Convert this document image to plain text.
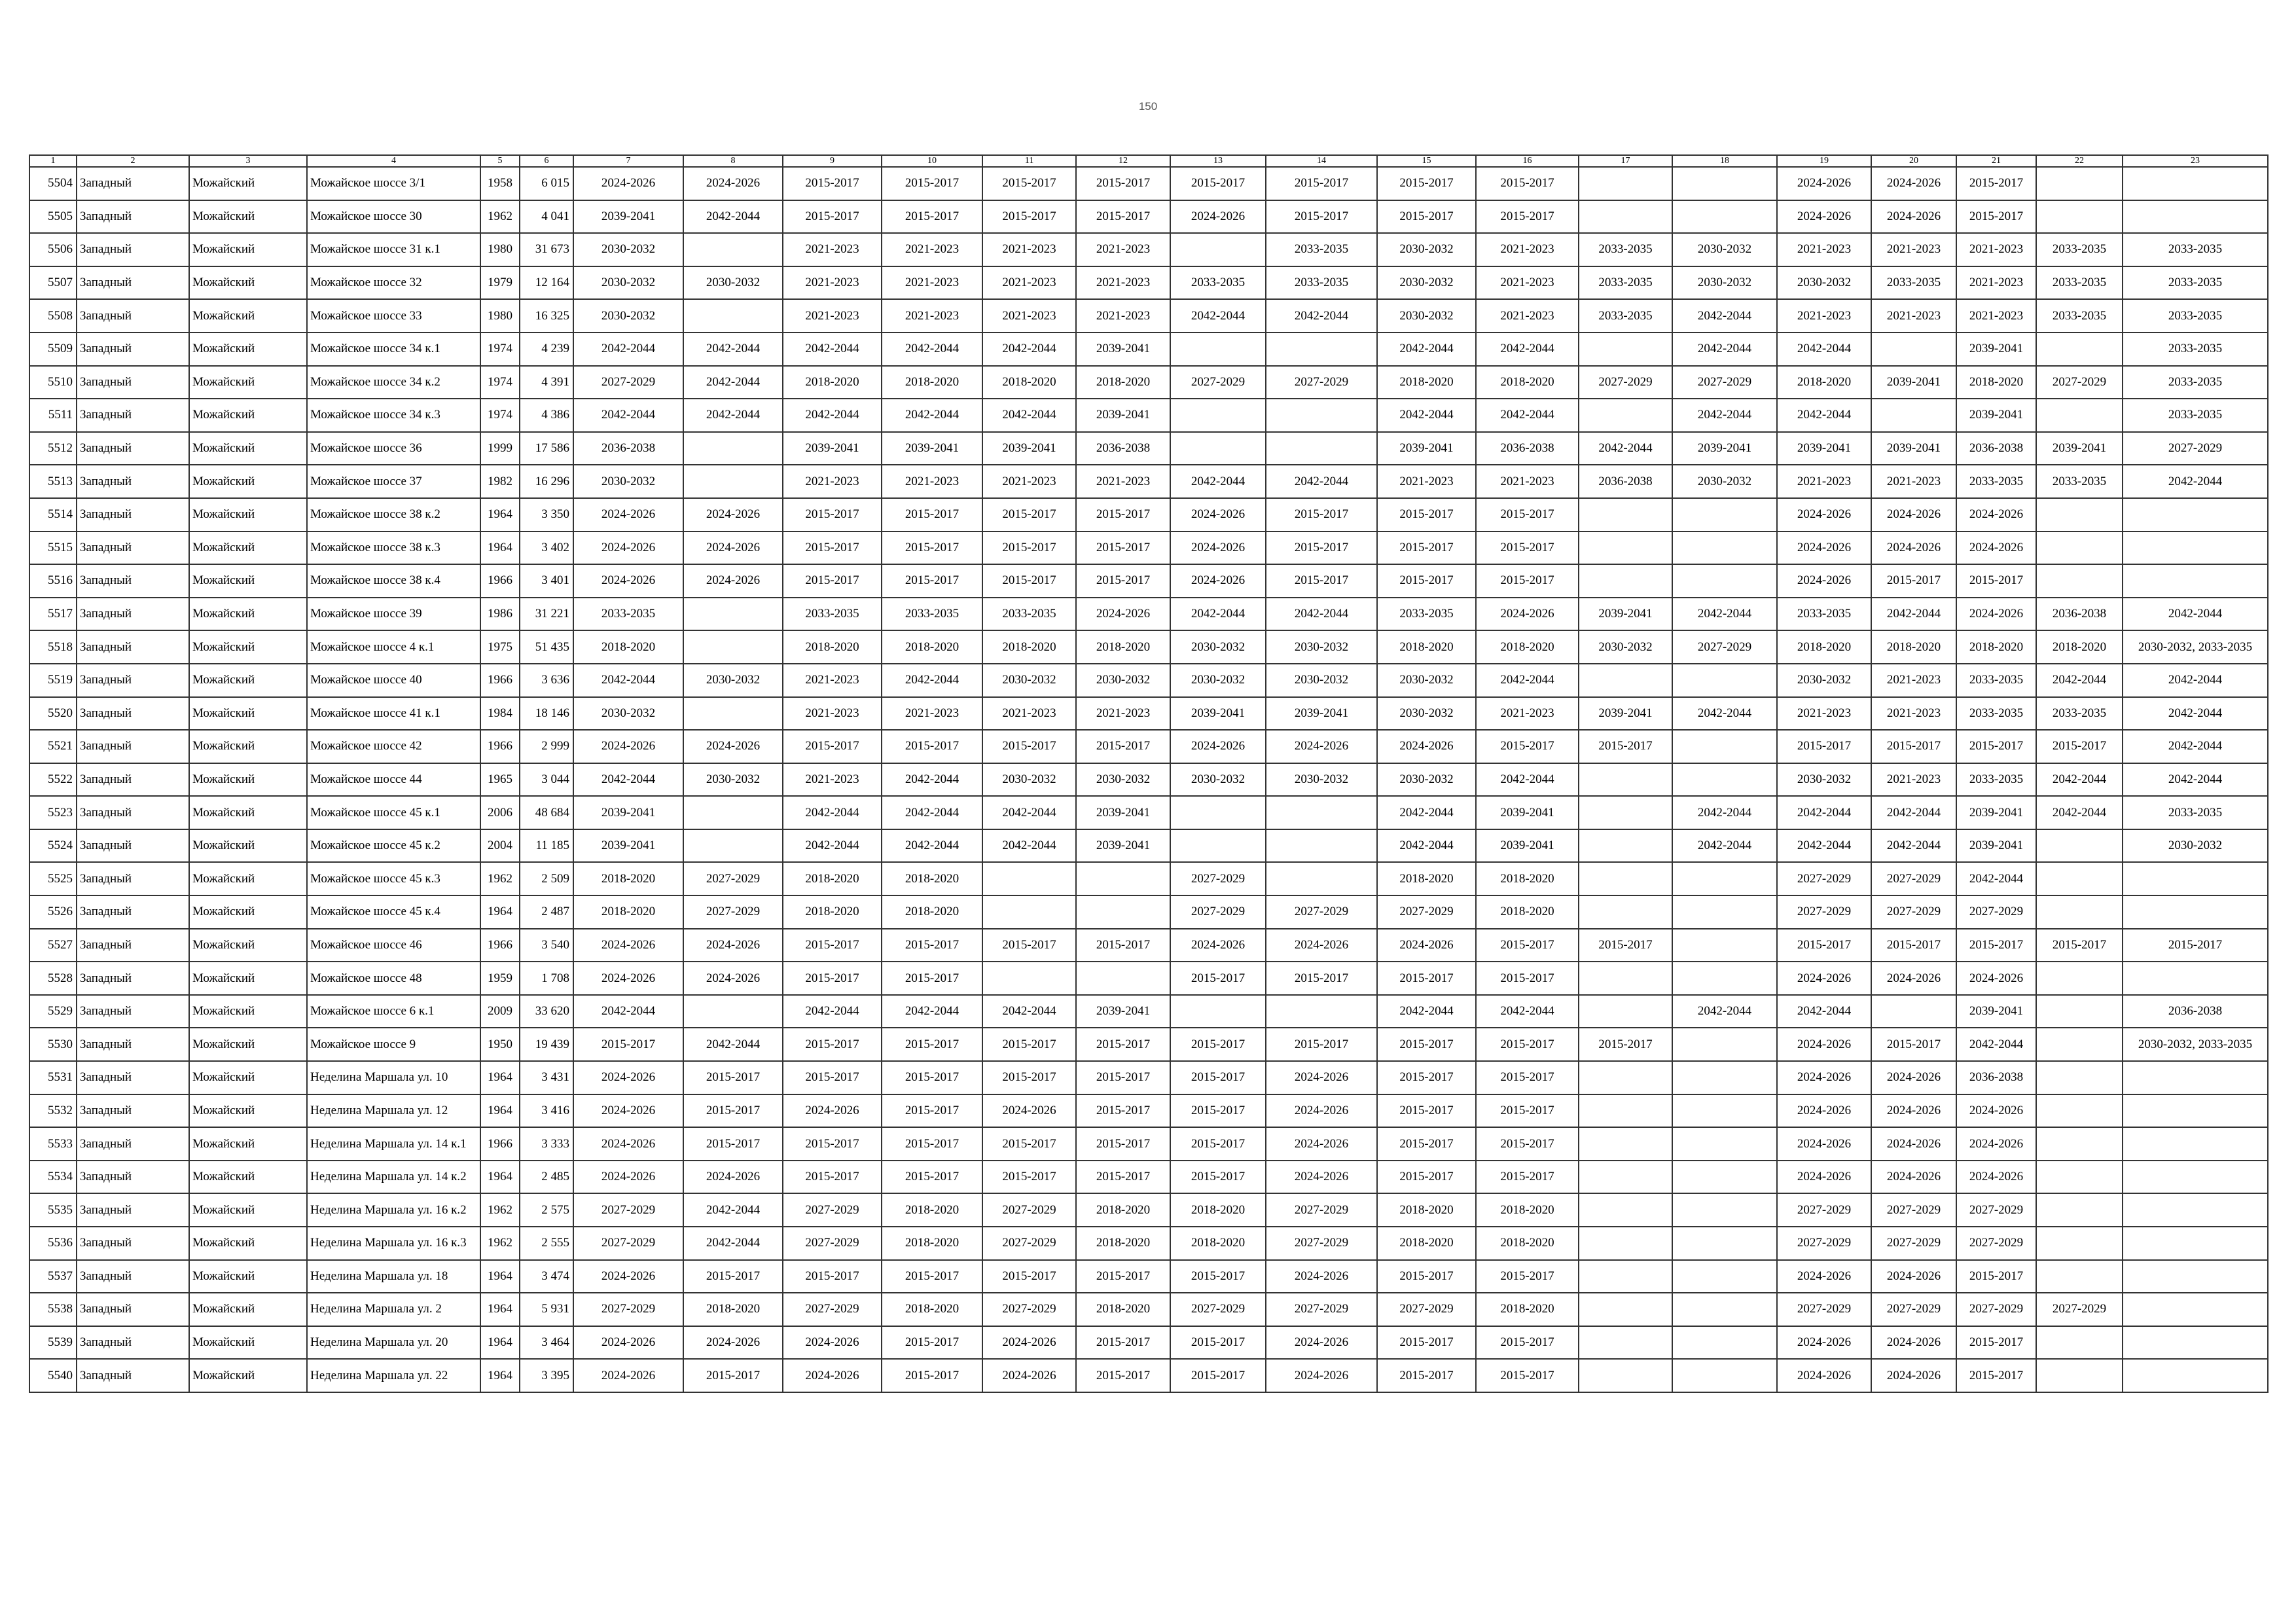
150
1	2	3	4	5	6	7	8	9	10	11	12	13	14	15	16	17	18	19	20	21	22	23
5504	Западный	Можайский	Можайское шоссе 3/1	1958	6 015	2024-2026	2024-2026	2015-2017	2015-2017	2015-2017	2015-2017	2015-2017	2015-2017	2015-2017	2015-2017			2024-2026	2024-2026	2015-2017		
5505	Западный	Можайский	Можайское шоссе 30	1962	4 041	2039-2041	2042-2044	2015-2017	2015-2017	2015-2017	2015-2017	2024-2026	2015-2017	2015-2017	2015-2017			2024-2026	2024-2026	2015-2017		
5506	Западный	Можайский	Можайское шоссе 31 к.1	1980	31 673	2030-2032		2021-2023	2021-2023	2021-2023	2021-2023		2033-2035	2030-2032	2021-2023	2033-2035	2030-2032	2021-2023	2021-2023	2021-2023	2033-2035	2033-2035
5507	Западный	Можайский	Можайское шоссе 32	1979	12 164	2030-2032	2030-2032	2021-2023	2021-2023	2021-2023	2021-2023	2033-2035	2033-2035	2030-2032	2021-2023	2033-2035	2030-2032	2030-2032	2033-2035	2021-2023	2033-2035	2033-2035
5508	Западный	Можайский	Можайское шоссе 33	1980	16 325	2030-2032		2021-2023	2021-2023	2021-2023	2021-2023	2042-2044	2042-2044	2030-2032	2021-2023	2033-2035	2042-2044	2021-2023	2021-2023	2021-2023	2033-2035	2033-2035
5509	Западный	Можайский	Можайское шоссе 34 к.1	1974	4 239	2042-2044	2042-2044	2042-2044	2042-2044	2042-2044	2039-2041			2042-2044	2042-2044		2042-2044	2042-2044		2039-2041		2033-2035
5510	Западный	Можайский	Можайское шоссе 34 к.2	1974	4 391	2027-2029	2042-2044	2018-2020	2018-2020	2018-2020	2018-2020	2027-2029	2027-2029	2018-2020	2018-2020	2027-2029	2027-2029	2018-2020	2039-2041	2018-2020	2027-2029	2033-2035
5511	Западный	Можайский	Можайское шоссе 34 к.3	1974	4 386	2042-2044	2042-2044	2042-2044	2042-2044	2042-2044	2039-2041			2042-2044	2042-2044		2042-2044	2042-2044		2039-2041		2033-2035
5512	Западный	Можайский	Можайское шоссе 36	1999	17 586	2036-2038		2039-2041	2039-2041	2039-2041	2036-2038			2039-2041	2036-2038	2042-2044	2039-2041	2039-2041	2039-2041	2036-2038	2039-2041	2027-2029
5513	Западный	Можайский	Можайское шоссе 37	1982	16 296	2030-2032		2021-2023	2021-2023	2021-2023	2021-2023	2042-2044	2042-2044	2021-2023	2021-2023	2036-2038	2030-2032	2021-2023	2021-2023	2033-2035	2033-2035	2042-2044
5514	Западный	Можайский	Можайское шоссе 38 к.2	1964	3 350	2024-2026	2024-2026	2015-2017	2015-2017	2015-2017	2015-2017	2024-2026	2015-2017	2015-2017	2015-2017			2024-2026	2024-2026	2024-2026		
5515	Западный	Можайский	Можайское шоссе 38 к.3	1964	3 402	2024-2026	2024-2026	2015-2017	2015-2017	2015-2017	2015-2017	2024-2026	2015-2017	2015-2017	2015-2017			2024-2026	2024-2026	2024-2026		
5516	Западный	Можайский	Можайское шоссе 38 к.4	1966	3 401	2024-2026	2024-2026	2015-2017	2015-2017	2015-2017	2015-2017	2024-2026	2015-2017	2015-2017	2015-2017			2024-2026	2015-2017	2015-2017		
5517	Западный	Можайский	Можайское шоссе 39	1986	31 221	2033-2035		2033-2035	2033-2035	2033-2035	2024-2026	2042-2044	2042-2044	2033-2035	2024-2026	2039-2041	2042-2044	2033-2035	2042-2044	2024-2026	2036-2038	2042-2044
5518	Западный	Можайский	Можайское шоссе 4 к.1	1975	51 435	2018-2020		2018-2020	2018-2020	2018-2020	2018-2020	2030-2032	2030-2032	2018-2020	2018-2020	2030-2032	2027-2029	2018-2020	2018-2020	2018-2020	2018-2020	2030-2032, 2033-2035
5519	Западный	Можайский	Можайское шоссе 40	1966	3 636	2042-2044	2030-2032	2021-2023	2042-2044	2030-2032	2030-2032	2030-2032	2030-2032	2030-2032	2042-2044			2030-2032	2021-2023	2033-2035	2042-2044	2042-2044
5520	Западный	Можайский	Можайское шоссе 41 к.1	1984	18 146	2030-2032		2021-2023	2021-2023	2021-2023	2021-2023	2039-2041	2039-2041	2030-2032	2021-2023	2039-2041	2042-2044	2021-2023	2021-2023	2033-2035	2033-2035	2042-2044
5521	Западный	Можайский	Можайское шоссе 42	1966	2 999	2024-2026	2024-2026	2015-2017	2015-2017	2015-2017	2015-2017	2024-2026	2024-2026	2024-2026	2015-2017	2015-2017		2015-2017	2015-2017	2015-2017	2015-2017	2042-2044
5522	Западный	Можайский	Можайское шоссе 44	1965	3 044	2042-2044	2030-2032	2021-2023	2042-2044	2030-2032	2030-2032	2030-2032	2030-2032	2030-2032	2042-2044			2030-2032	2021-2023	2033-2035	2042-2044	2042-2044
5523	Западный	Можайский	Можайское шоссе 45 к.1	2006	48 684	2039-2041		2042-2044	2042-2044	2042-2044	2039-2041			2042-2044	2039-2041		2042-2044	2042-2044	2042-2044	2039-2041	2042-2044	2033-2035
5524	Западный	Можайский	Можайское шоссе 45 к.2	2004	11 185	2039-2041		2042-2044	2042-2044	2042-2044	2039-2041			2042-2044	2039-2041		2042-2044	2042-2044	2042-2044	2039-2041		2030-2032
5525	Западный	Можайский	Можайское шоссе 45 к.3	1962	2 509	2018-2020	2027-2029	2018-2020	2018-2020			2027-2029		2018-2020	2018-2020			2027-2029	2027-2029	2042-2044		
5526	Западный	Можайский	Можайское шоссе 45 к.4	1964	2 487	2018-2020	2027-2029	2018-2020	2018-2020			2027-2029	2027-2029	2027-2029	2018-2020			2027-2029	2027-2029	2027-2029		
5527	Западный	Можайский	Можайское шоссе 46	1966	3 540	2024-2026	2024-2026	2015-2017	2015-2017	2015-2017	2015-2017	2024-2026	2024-2026	2024-2026	2015-2017	2015-2017		2015-2017	2015-2017	2015-2017	2015-2017	2015-2017
5528	Западный	Можайский	Можайское шоссе 48	1959	1 708	2024-2026	2024-2026	2015-2017	2015-2017			2015-2017	2015-2017	2015-2017	2015-2017			2024-2026	2024-2026	2024-2026		
5529	Западный	Можайский	Можайское шоссе 6 к.1	2009	33 620	2042-2044		2042-2044	2042-2044	2042-2044	2039-2041			2042-2044	2042-2044		2042-2044	2042-2044		2039-2041		2036-2038
5530	Западный	Можайский	Можайское шоссе 9	1950	19 439	2015-2017	2042-2044	2015-2017	2015-2017	2015-2017	2015-2017	2015-2017	2015-2017	2015-2017	2015-2017	2015-2017		2024-2026	2015-2017	2042-2044		2030-2032, 2033-2035
5531	Западный	Можайский	Неделина Маршала ул. 10	1964	3 431	2024-2026	2015-2017	2015-2017	2015-2017	2015-2017	2015-2017	2015-2017	2024-2026	2015-2017	2015-2017			2024-2026	2024-2026	2036-2038		
5532	Западный	Можайский	Неделина Маршала ул. 12	1964	3 416	2024-2026	2015-2017	2024-2026	2015-2017	2024-2026	2015-2017	2015-2017	2024-2026	2015-2017	2015-2017			2024-2026	2024-2026	2024-2026		
5533	Западный	Можайский	Неделина Маршала ул. 14 к.1	1966	3 333	2024-2026	2015-2017	2015-2017	2015-2017	2015-2017	2015-2017	2015-2017	2024-2026	2015-2017	2015-2017			2024-2026	2024-2026	2024-2026		
5534	Западный	Можайский	Неделина Маршала ул. 14 к.2	1964	2 485	2024-2026	2024-2026	2015-2017	2015-2017	2015-2017	2015-2017	2015-2017	2024-2026	2015-2017	2015-2017			2024-2026	2024-2026	2024-2026		
5535	Западный	Можайский	Неделина Маршала ул. 16 к.2	1962	2 575	2027-2029	2042-2044	2027-2029	2018-2020	2027-2029	2018-2020	2018-2020	2027-2029	2018-2020	2018-2020			2027-2029	2027-2029	2027-2029		
5536	Западный	Можайский	Неделина Маршала ул. 16 к.3	1962	2 555	2027-2029	2042-2044	2027-2029	2018-2020	2027-2029	2018-2020	2018-2020	2027-2029	2018-2020	2018-2020			2027-2029	2027-2029	2027-2029		
5537	Западный	Можайский	Неделина Маршала ул. 18	1964	3 474	2024-2026	2015-2017	2015-2017	2015-2017	2015-2017	2015-2017	2015-2017	2024-2026	2015-2017	2015-2017			2024-2026	2024-2026	2015-2017		
5538	Западный	Можайский	Неделина Маршала ул. 2	1964	5 931	2027-2029	2018-2020	2027-2029	2018-2020	2027-2029	2018-2020	2027-2029	2027-2029	2027-2029	2018-2020			2027-2029	2027-2029	2027-2029	2027-2029	
5539	Западный	Можайский	Неделина Маршала ул. 20	1964	3 464	2024-2026	2024-2026	2024-2026	2015-2017	2024-2026	2015-2017	2015-2017	2024-2026	2015-2017	2015-2017			2024-2026	2024-2026	2015-2017		
5540	Западный	Можайский	Неделина Маршала ул. 22	1964	3 395	2024-2026	2015-2017	2024-2026	2015-2017	2024-2026	2015-2017	2015-2017	2024-2026	2015-2017	2015-2017			2024-2026	2024-2026	2015-2017		
